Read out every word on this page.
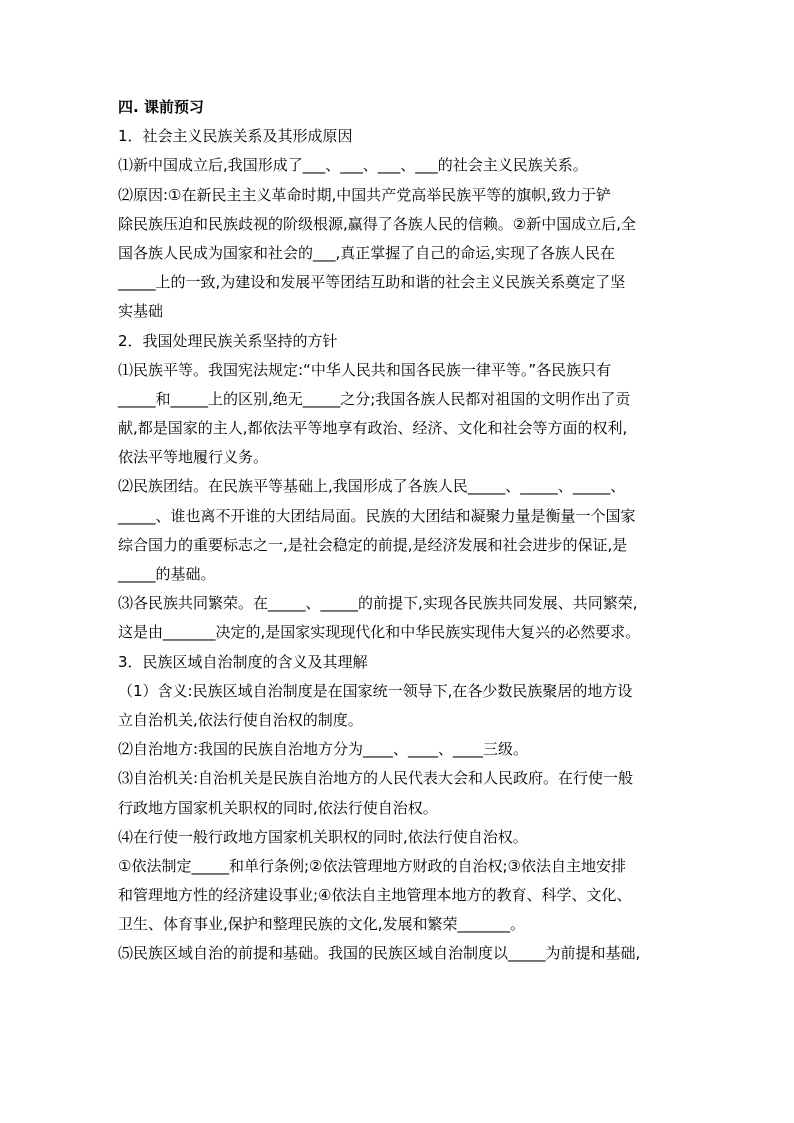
四. 课前预习
1．社会主义民族关系及其形成原因
⑴新中国成立后,我国形成了___、___、___、___的社会主义民族关系。
⑵原因:①在新民主主义革命时期,中国共产党高举民族平等的旗帜,致力于铲
除民族压迫和民族歧视的阶级根源,赢得了各族人民的信赖。②新中国成立后,全
国各族人民成为国家和社会的___,真正掌握了自己的命运,实现了各族人民在
_____上的一致,为建设和发展平等团结互助和谐的社会主义民族关系奠定了坚
实基础
2．我国处理民族关系坚持的方针
⑴民族平等。我国宪法规定:“中华人民共和国各民族一律平等。”各民族只有
_____和_____上的区别,绝无_____之分;我国各族人民都对祖国的文明作出了贡
献,都是国家的主人,都依法平等地享有政治、经济、文化和社会等方面的权利,
依法平等地履行义务。
⑵民族团结。在民族平等基础上,我国形成了各族人民_____、_____、_____、
_____、谁也离不开谁的大团结局面。民族的大团结和凝聚力量是衡量一个国家
综合国力的重要标志之一,是社会稳定的前提,是经济发展和社会进步的保证,是
_____的基础。
⑶各民族共同繁荣。在_____、_____的前提下,实现各民族共同发展、共同繁荣,
这是由_______决定的,是国家实现现代化和中华民族实现伟大复兴的必然要求。
3．民族区域自治制度的含义及其理解
（1）含义:民族区域自治制度是在国家统一领导下,在各少数民族聚居的地方设
立自治机关,依法行使自治权的制度。
⑵自治地方:我国的民族自治地方分为____、____、____三级。
⑶自治机关:自治机关是民族自治地方的人民代表大会和人民政府。在行使一般
行政地方国家机关职权的同时,依法行使自治权。
⑷在行使一般行政地方国家机关职权的同时,依法行使自治权。
①依法制定_____和单行条例;②依法管理地方财政的自治权;③依法自主地安排
和管理地方性的经济建设事业;④依法自主地管理本地方的教育、科学、文化、
卫生、体育事业,保护和整理民族的文化,发展和繁荣_______。
⑸民族区域自治的前提和基础。我国的民族区域自治制度以_____为前提和基础,
